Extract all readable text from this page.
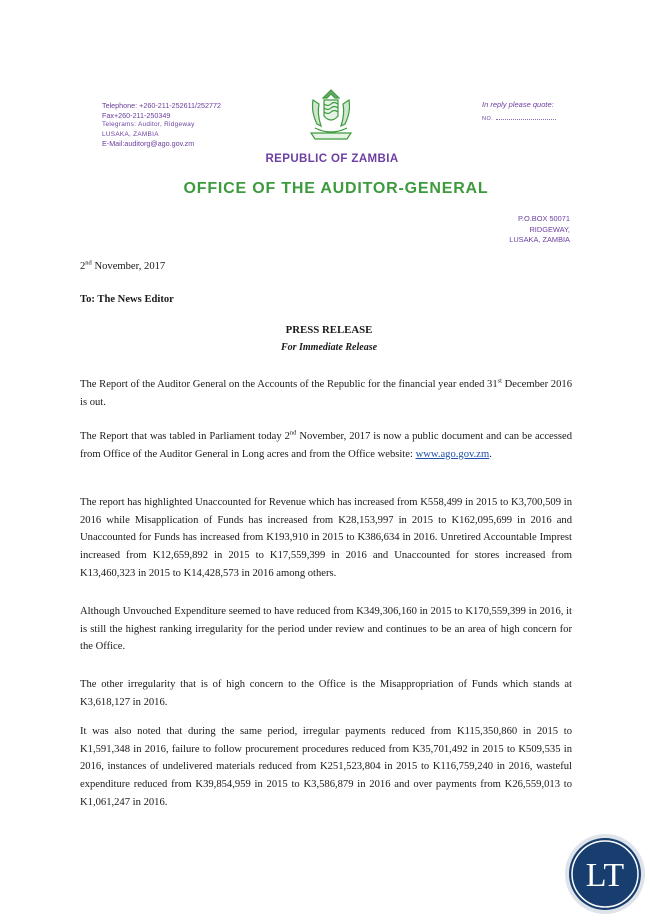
Telephone: +260-211-252611/252772
Fax+260-211-250349
Telegrams: Auditor, Ridgeway
LUSAKA, ZAMBIA
E-Mail:auditorg@ago.gov.zm
In reply please quote:
NO.
REPUBLIC OF ZAMBIA
OFFICE OF THE AUDITOR-GENERAL
P.O.BOX 50071
RIDGEWAY,
LUSAKA, ZAMBIA
2nd November, 2017
To: The News Editor
PRESS RELEASE
For Immediate Release
The Report of the Auditor General on the Accounts of the Republic for the financial year ended 31st December 2016 is out.
The Report that was tabled in Parliament today 2nd November, 2017 is now a public document and can be accessed from Office of the Auditor General in Long acres and from the Office website: www.ago.gov.zm.
The report has highlighted Unaccounted for Revenue which has increased from K558,499 in 2015 to K3,700,509 in 2016 while Misapplication of Funds has increased from K28,153,997 in 2015 to K162,095,699 in 2016 and Unaccounted for Funds has increased from K193,910 in 2015 to K386,634 in 2016. Unretired Accountable Imprest increased from K12,659,892 in 2015 to K17,559,399 in 2016 and Unaccounted for stores increased from K13,460,323 in 2015 to K14,428,573 in 2016 among others.
Although Unvouched Expenditure seemed to have reduced from K349,306,160 in 2015 to K170,559,399 in 2016, it is still the highest ranking irregularity for the period under review and continues to be an area of high concern for the Office.
The other irregularity that is of high concern to the Office is the Misappropriation of Funds which stands at K3,618,127 in 2016.
It was also noted that during the same period, irregular payments reduced from K115,350,860 in 2015 to K1,591,348 in 2016, failure to follow procurement procedures reduced from K35,701,492 in 2015 to K509,535 in 2016, instances of undelivered materials reduced from K251,523,804 in 2015 to K116,759,240 in 2016, wasteful expenditure reduced from K39,854,959 in 2015 to K3,586,879 in 2016 and over payments from K26,559,013 to K1,061,247 in 2016.
LT
